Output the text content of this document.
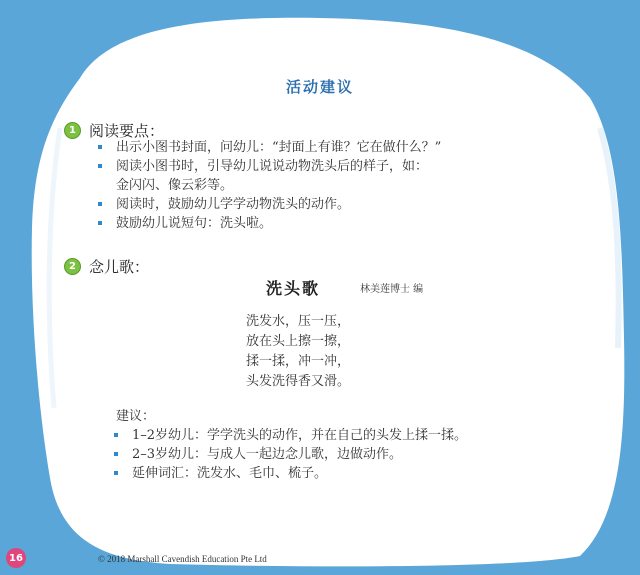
活动建议
1 阅读要点：
出示小图书封面，问幼儿：“封面上有谁？它在做什么？”
阅读小图书时，引导幼儿说说动物洗头后的样子，如：
金闪闪、像云彩等。
阅读时，鼓励幼儿学学动物洗头的动作。
鼓励幼儿说短句：洗头啦。
2 念儿歌：
洗头歌	林美莲博士 编
洗发水，压一压，
放在头上擦一擦，
揉一揉，冲一冲，
头发洗得香又滑。
建议：
1–2岁幼儿：学学洗头的动作，并在自己的头发上揉一揉。
2–3岁幼儿：与成人一起边念儿歌，边做动作。
延伸词汇：洗发水、毛巾、梳子。
16	© 2018 Marshall Cavendish Education Pte Ltd
